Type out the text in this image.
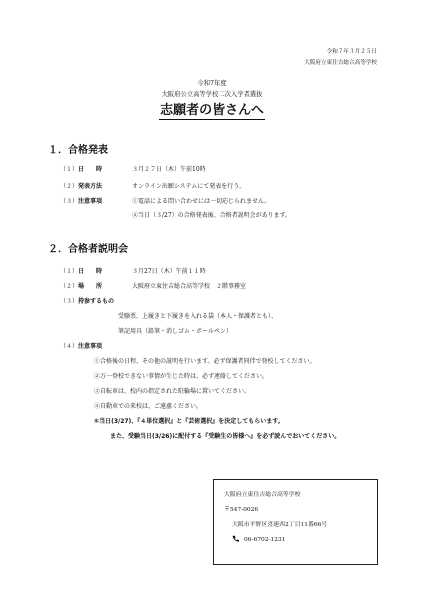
令和７年３月２５日
大阪府立東住吉総合高等学校
令和7年度
大阪府公立高等学校二次入学者選抜
志願者の皆さんへ
１．合格発表
（１）日　　時	３月２７日（木）午前10時
（２）発表方法	オンライン出願システムにて発表を行う。
（３）注意事項	①電話による問い合わせには一切応じられません。
②当日（３/27）の合格発表後、合格者説明会があります。
２．合格者説明会
（１）日　　時	３月27日（木）午前１１時
（２）場　　所	大阪府立東住吉総合高等学校　２階事務室
（３）持参するもの
受験票、上履きと下履きを入れる袋（本人・保護者とも）、
筆記用具（鉛筆・消しゴム・ボールペン）
（４）注意事項
①合格後の日程、その他の説明を行います。必ず保護者同伴で登校してください。
②万一登校できない事情が生じた時は、必ず連絡してください。
③自転車は、校内の指定された駐輪場に置いてください。
④自動車での来校は、ご遠慮ください。
⑤当日(3/27)、『４単位選択』と『芸術選択』を決定してもらいます。
また、受験当日(3/26)に配付する『受験生の皆様へ』を必ず読んでおいてください。
大阪府立東住吉総合高等学校
〒547-0026
大阪市平野区喜連西2丁目11番66号
06-6702-1231
